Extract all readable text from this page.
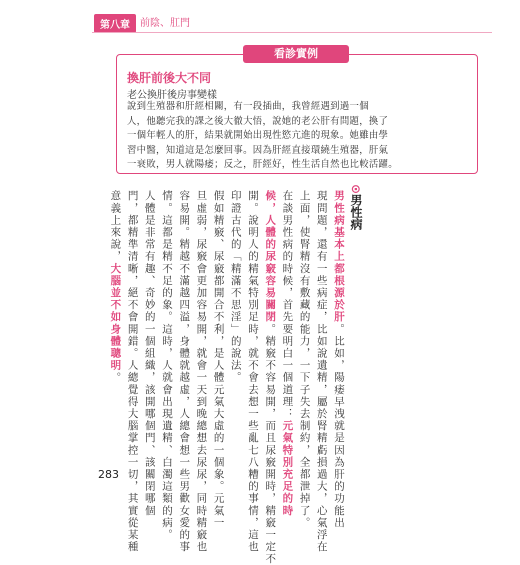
第八章	前陰、肛門
看診實例
換肝前後大不同
老公換肝後房事變樣
說到生殖器和肝經相關，有一段插曲，我曾經遇到過一個
人，他聽完我的課之後大徹大悟，說她的老公肝有問題，換了
一個年輕人的肝，結果就開始出現性慾亢進的現象。她雖由學
習中醫，知道這是怎麼回事。因為肝經直接環繞生殖器，肝氣
一衰敗，男人就陽痿；反之，肝經好，性生活自然也比較活躍。
⊙男性病
男性病基本上都根源於肝。比如，陽痿早洩就是因為肝的功能出
現問題，還有一些病症，比如說遺精，屬於腎精虧損過大，心氣浮在
上面，使腎精沒有敷藏的能力，一下子失去制約，全都泄掉了。
在談男性病的時候，首先要明白一個道理：元氣特別充足的時
候，人體的尿竅容易關閉。精竅不容易開，而且尿竅開時，精竅一定不
開。說明人的精氣特別足時，就不會去想一些亂七八糟的事情，這也
印證古代的「精滿不思淫」的說法。
假如精竅、尿竅都開合不利，是人體元氣大虛的一個象。元氣一
旦虛弱，尿竅會更加容易開，就會一天到晚總想去尿尿，同時精竅也
容易開。精越不滿越四溢，身體就越虛，人總會想一些男歡女愛的事
情。這都是精不足的象。這時，人就會出現遺精、白濁這類的病。
人體是非常有趣、奇妙的一個組織，該開哪個門、該關閉哪個
門，都精準清晰，絕不會開錯。人總覺得大腦掌控一切，其實從某種
意義上來說，大腦並不如身體聰明。
283
